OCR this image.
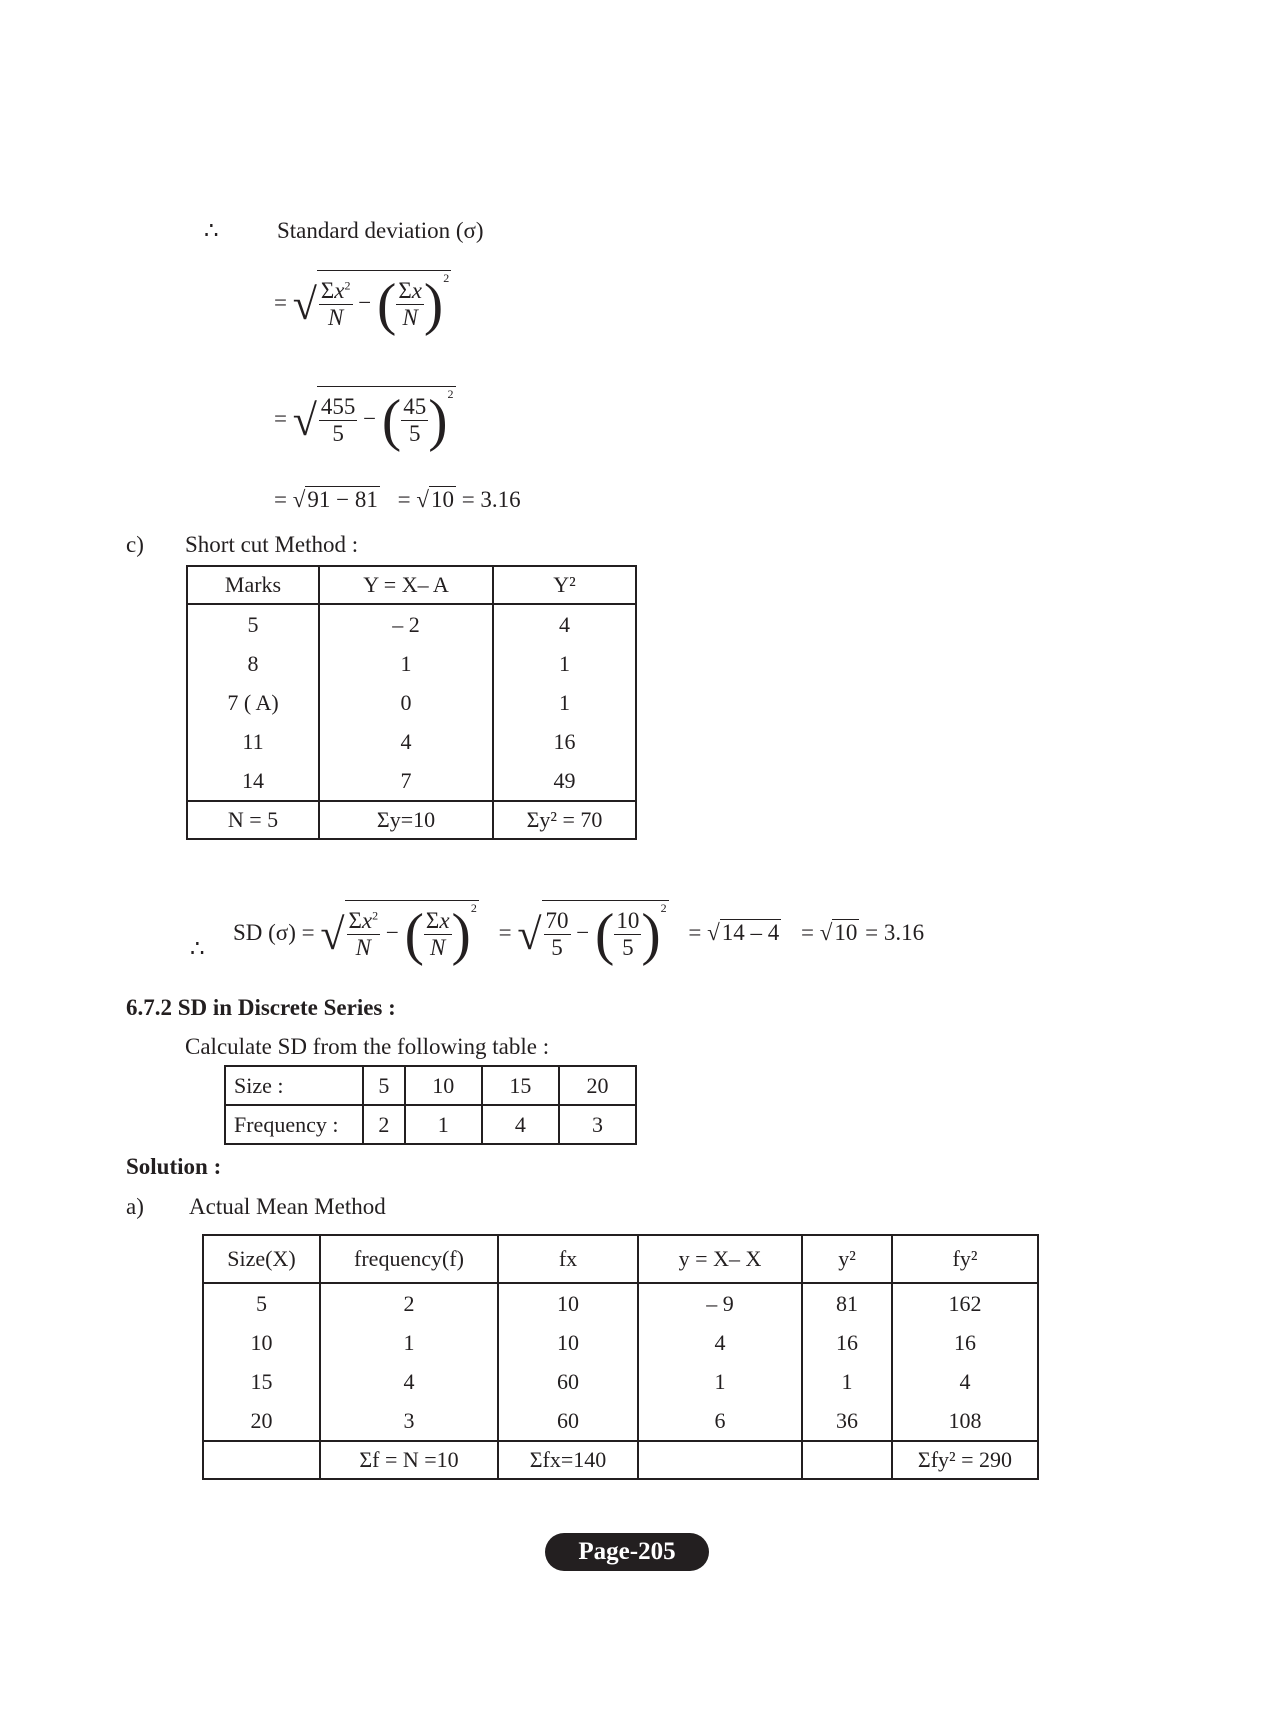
∴	Standard deviation (σ)
= √ $\frac{\Sigma x^2}{N}$ − ( $\frac{\Sigma x}{N} )^2$
= √ $\frac{455}{5}$ − ( $\frac{45}{5} )^2$
= √91 − 81 = √10 = 3.16
c) Short cut Method :
Marks	Y = X– A	Y²
5	– 2	4
8	1	1
7 ( A)	0	1
11	4	16
14	7	49
N = 5	Σy=10	Σy² = 70
∴
SD (σ) = √ $\frac{\Sigma x^2}{N}$ − ( $\frac{\Sigma x}{N} )^2$ = √ $\frac{70}{5}$ − ( $\frac{10}{5} )^2 = √14 - 4 = √10 = 3.16$
6.7.2 SD in Discrete Series :
Calculate SD from the following table :
Size :	5	10	15	20
Frequency :	2	1	4	3
Solution :
a) Actual Mean Method
Size(X)	frequency(f)	fx	y = X– X	y²	fy²
5	2	10	– 9	81	162
10	1	10	4	16	16
15	4	60	1	1	4
20	3	60	6	36	108
	Σf = N =10	Σfx=140			Σfy² = 290
Page-205
